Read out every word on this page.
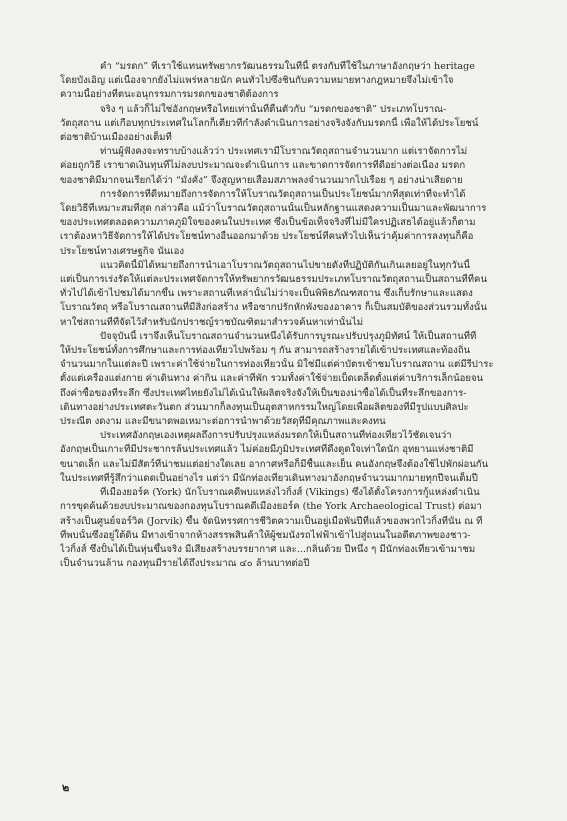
คำ “มรดก” ที่เราใช้แทนทรัพยากรวัฒนธรรมในที่นี้ ตรงกับที่ใช้ในภาษาอังกฤษว่า heritage
โดยบังเอิญ แต่เนื่องจากยังไม่แพร่หลายนัก คนทั่วไปซึ่งชินกับความหมายทางกฎหมายจึงไม่เข้าใจ
ความนี้อย่างที่ตนะอนุกรรมการมรดกของชาติต้องการ
จริง ๆ แล้วก็ไม่ใช่อังกฤษหรือไทยเท่านั้นที่ตื่นตัวกับ “มรดกของชาติ” ประเภทโบราณ-
วัตถุสถาน แต่เกือบทุกประเทศในโลกก็เตียวที่กำลังดำเนินการอย่างจริงจังกับมรดกนี้ เพื่อให้ได้ประโยชน์
ต่อชาติบ้านเมืองอย่างเต็มที่
ท่านผู้ฟังคงจะทราบบ้างแล้วว่า ประเทศเรามีโบราณวัตถุสถานจำนวนมาก แต่เราจัดการไม่
ค่อยถูกวิธี เราขาดเงินทุนที่ไม่ลงบประมาณจะดำเนินการ และขาดการจัดการที่ดีอย่างต่อเนื่อง มรดก
ของชาติมีมากจนเรียกได้ว่า “มั่งคั่ง” จึงสูญหายเสื่อมสภาพลงจำนวนมากไปเรื่อย ๆ อย่างน่าเสียดาย
การจัดการที่ดีหมายถึงการจัดการให้โบราณวัตถุสถานเป็นประโยชน์มากที่สุดเท่าที่จะทำได้
โดยวิธีที่เหมาะสมที่สุด กล่าวคือ แม้ว่าโบราณวัตถุสถานนั้นเป็นหลักฐานแสดงความเป็นมาและพัฒนาการ
ของประเทศตลอดความภาคภูมิใจของคนในประเทศ ซึ่งเป็นข้อเท็จจริงที่ไม่มีใครปฏิเสธได้อยู่แล้วก็ตาม
เราต้องหาวิธีจัดการให้ได้ประโยชน์ทางอื่นออกมาด้วย ประโยชน์ที่คนทั่วไปเห็นว่าคุ้มค่าการลงทุนก็คือ
ประโยชน์ทางเศรษฐกิจ นั่นเอง
แนวคิดนี้มิได้หมายถึงการนำเอาโบราณวัตถุสถานไปขายดังที่ปฏิบัติกันเกินเลยอยู่ในทุกวันนี้
แต่เป็นการเร่งรัดให้แต่ละประเทศจัดการให้ทรัพยากรวัฒนธรรมประเภทโบราณวัตถุสถานเป็นสถานที่ที่คน
ทั่วไปได้เข้าไปชมได้มากขึ้น เพราะสถานที่เหล่านั้นไม่ว่าจะเป็นพิพิธภัณฑสถาน ซึ่งเก็บรักษาและแสดง
โบราณวัตถุ หรือโบราณสถานที่มีสิ่งก่อสร้าง หรือซากปรักหักพังของอาคาร ก็เป็นสมบัติของส่วนรวมทั้งนั้น
หาใช่สถานที่ที่จัดไว้สำหรับนักปราชญ์ราชบัณฑิตมาสำรวจค้นหาเท่านั้นไม่
ปัจจุบันนี้ เราจึงเห็นโบราณสถานจำนวนหนึ่งได้รับการบูรณะปรับปรุงภูมิทัศน์ ให้เป็นสถานที่ที่
ให้ประโยชน์ทั้งการศึกษาและการท่องเที่ยวไปพร้อม ๆ กัน สามารถสร้างรายได้เข้าประเทศและท้องถิ่น
จำนวนมากในแต่ละปี เพราะค่าใช้จ่ายในการท่องเที่ยวนั้น มิใช่มีแต่ค่าบัตรเข้าชมโบราณสถาน แต่มีรีปาระ
ตั้งแต่เครื่องแต่งกาย ค่าเดินทาง ค่ากิน และค่าที่พัก รวมทั้งค่าใช้จ่ายเบ็ดเตล็ดตั้งแต่ค่าบริการเล็กน้อยจน
ถึงค่าซื้อของที่ระลึก ซึ่งประเทศไทยยังไม่ได้เน้นให้ผลิตจริงจังให้เป็นของน่าซื้อได้เป็นที่ระลึกของการ-
เดินทางอย่างประเทศตะวันตก ส่วนมากก็ลงทุนเป็นอุตสาหกรรมใหญ่โดยเพื่อผลิตของที่มีรูปแบบศิลปะ
ประณีต งดงาม และมีขนาดพอเหมาะต่อการนำพาด้วยวัสดุที่มีคุณภาพและคงทน
ประเทศอังกฤษเองเหตุผลถึงการปรับปรุงแหล่งมรดกให้เป็นสถานที่ท่องเที่ยวไว้ชัดเจนว่า
อังกฤษเป็นเกาะที่มีประชากรล้นประเทศแล้ว ไม่ค่อยมีภูมิประเทศที่ดึงดูดใจเท่าใดนัก อุทยานแห่งชาติมี
ขนาดเล็ก และไม่มีสัตว์ที่น่าชมแต่อย่างใดเลย อากาศหรือก็มีชื้นและเย็น คนอังกฤษจึงต้องใช้ไปพักผ่อนกัน
ในประเทศที่รู้สึกว่าแดดเป็นอย่างไร แต่ว่า มีนักท่องเที่ยวเดินทางมาอังกฤษจำนวนมากมายทุกปีจนเต็มปี
ที่เมืองยอร์ค (York) นักโบราณคดีพบแหล่งไวกิ้งส์ (Vikings) ซึ่งได้ตั้งโครงการกู้แหล่งดำเนิน
การขุดค้นด้วยงบประมาณของกองทุนโบราณคดีเมืองยอร์ค (the York Archaeological Trust) ต่อมา
สร้างเป็นศูนย์จอร์วิค (Jorvik) ขึ้น จัดนิทรรศการชีวิตความเป็นอยู่เมื่อพันปีที่แล้วของพวกไวกิ้งที่นั่น ณ ที่
ที่พบนั้นซึ่งอยู่ใต้ดิน มีทางเข้าจากห้างสรรพสินค้าให้ผู้ชมนั่งรถไฟฟ้าเข้าไปสู่ถนนในอดีตภาพของชาว-
ไวกิ้งส์ ซึ่งปั้นได้เป็นหุ่นขึ้นจริง มีเสียงสร้างบรรยากาศ และ...กลิ่นด้วย ปีหนึ่ง ๆ มีนักท่องเที่ยวเข้ามาชม
เป็นจำนวนล้าน กองทุนมีรายได้ถึงประมาณ ๔๐ ล้านบาทต่อปี
๒
